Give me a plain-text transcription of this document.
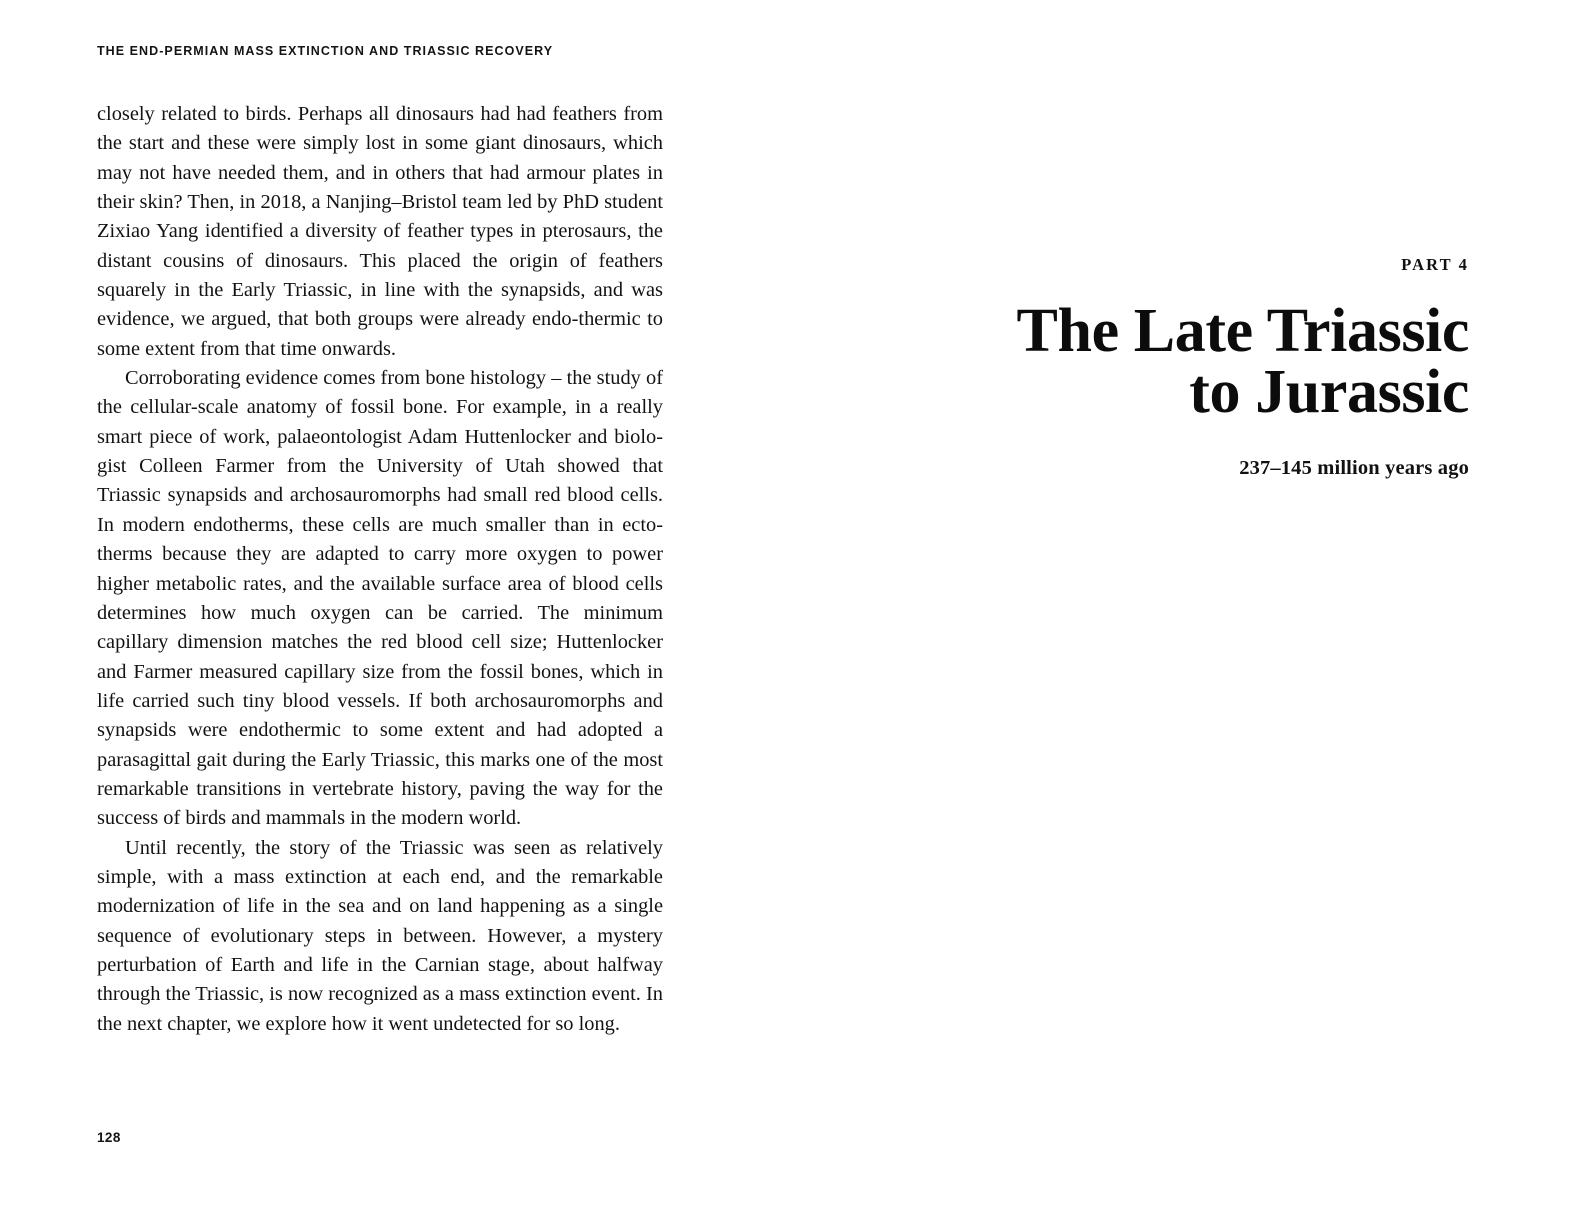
THE END-PERMIAN MASS EXTINCTION AND TRIASSIC RECOVERY

closely related to birds. Perhaps all dinosaurs had had feathers from the start and these were simply lost in some giant dinosaurs, which may not have needed them, and in others that had armour plates in their skin? Then, in 2018, a Nanjing–Bristol team led by PhD student Zixiao Yang identified a diversity of feather types in pterosaurs, the distant cousins of dinosaurs. This placed the origin of feathers squarely in the Early Triassic, in line with the synapsids, and was evidence, we argued, that both groups were already endo-thermic to some extent from that time onwards.

Corroborating evidence comes from bone histology – the study of the cellular-scale anatomy of fossil bone. For example, in a really smart piece of work, palaeontologist Adam Huttenlocker and biolo-gist Colleen Farmer from the University of Utah showed that Triassic synapsids and archosauromorphs had small red blood cells. In modern endotherms, these cells are much smaller than in ecto-therms because they are adapted to carry more oxygen to power higher metabolic rates, and the available surface area of blood cells determines how much oxygen can be carried. The minimum capillary dimension matches the red blood cell size; Huttenlocker and Farmer measured capillary size from the fossil bones, which in life carried such tiny blood vessels. If both archosauromorphs and synapsids were endothermic to some extent and had adopted a parasagittal gait during the Early Triassic, this marks one of the most remarkable transitions in vertebrate history, paving the way for the success of birds and mammals in the modern world.

Until recently, the story of the Triassic was seen as relatively simple, with a mass extinction at each end, and the remarkable modernization of life in the sea and on land happening as a single sequence of evolutionary steps in between. However, a mystery perturbation of Earth and life in the Carnian stage, about halfway through the Triassic, is now recognized as a mass extinction event. In the next chapter, we explore how it went undetected for so long.

128
PART 4
The Late Triassic
to Jurassic
237–145 million years ago
